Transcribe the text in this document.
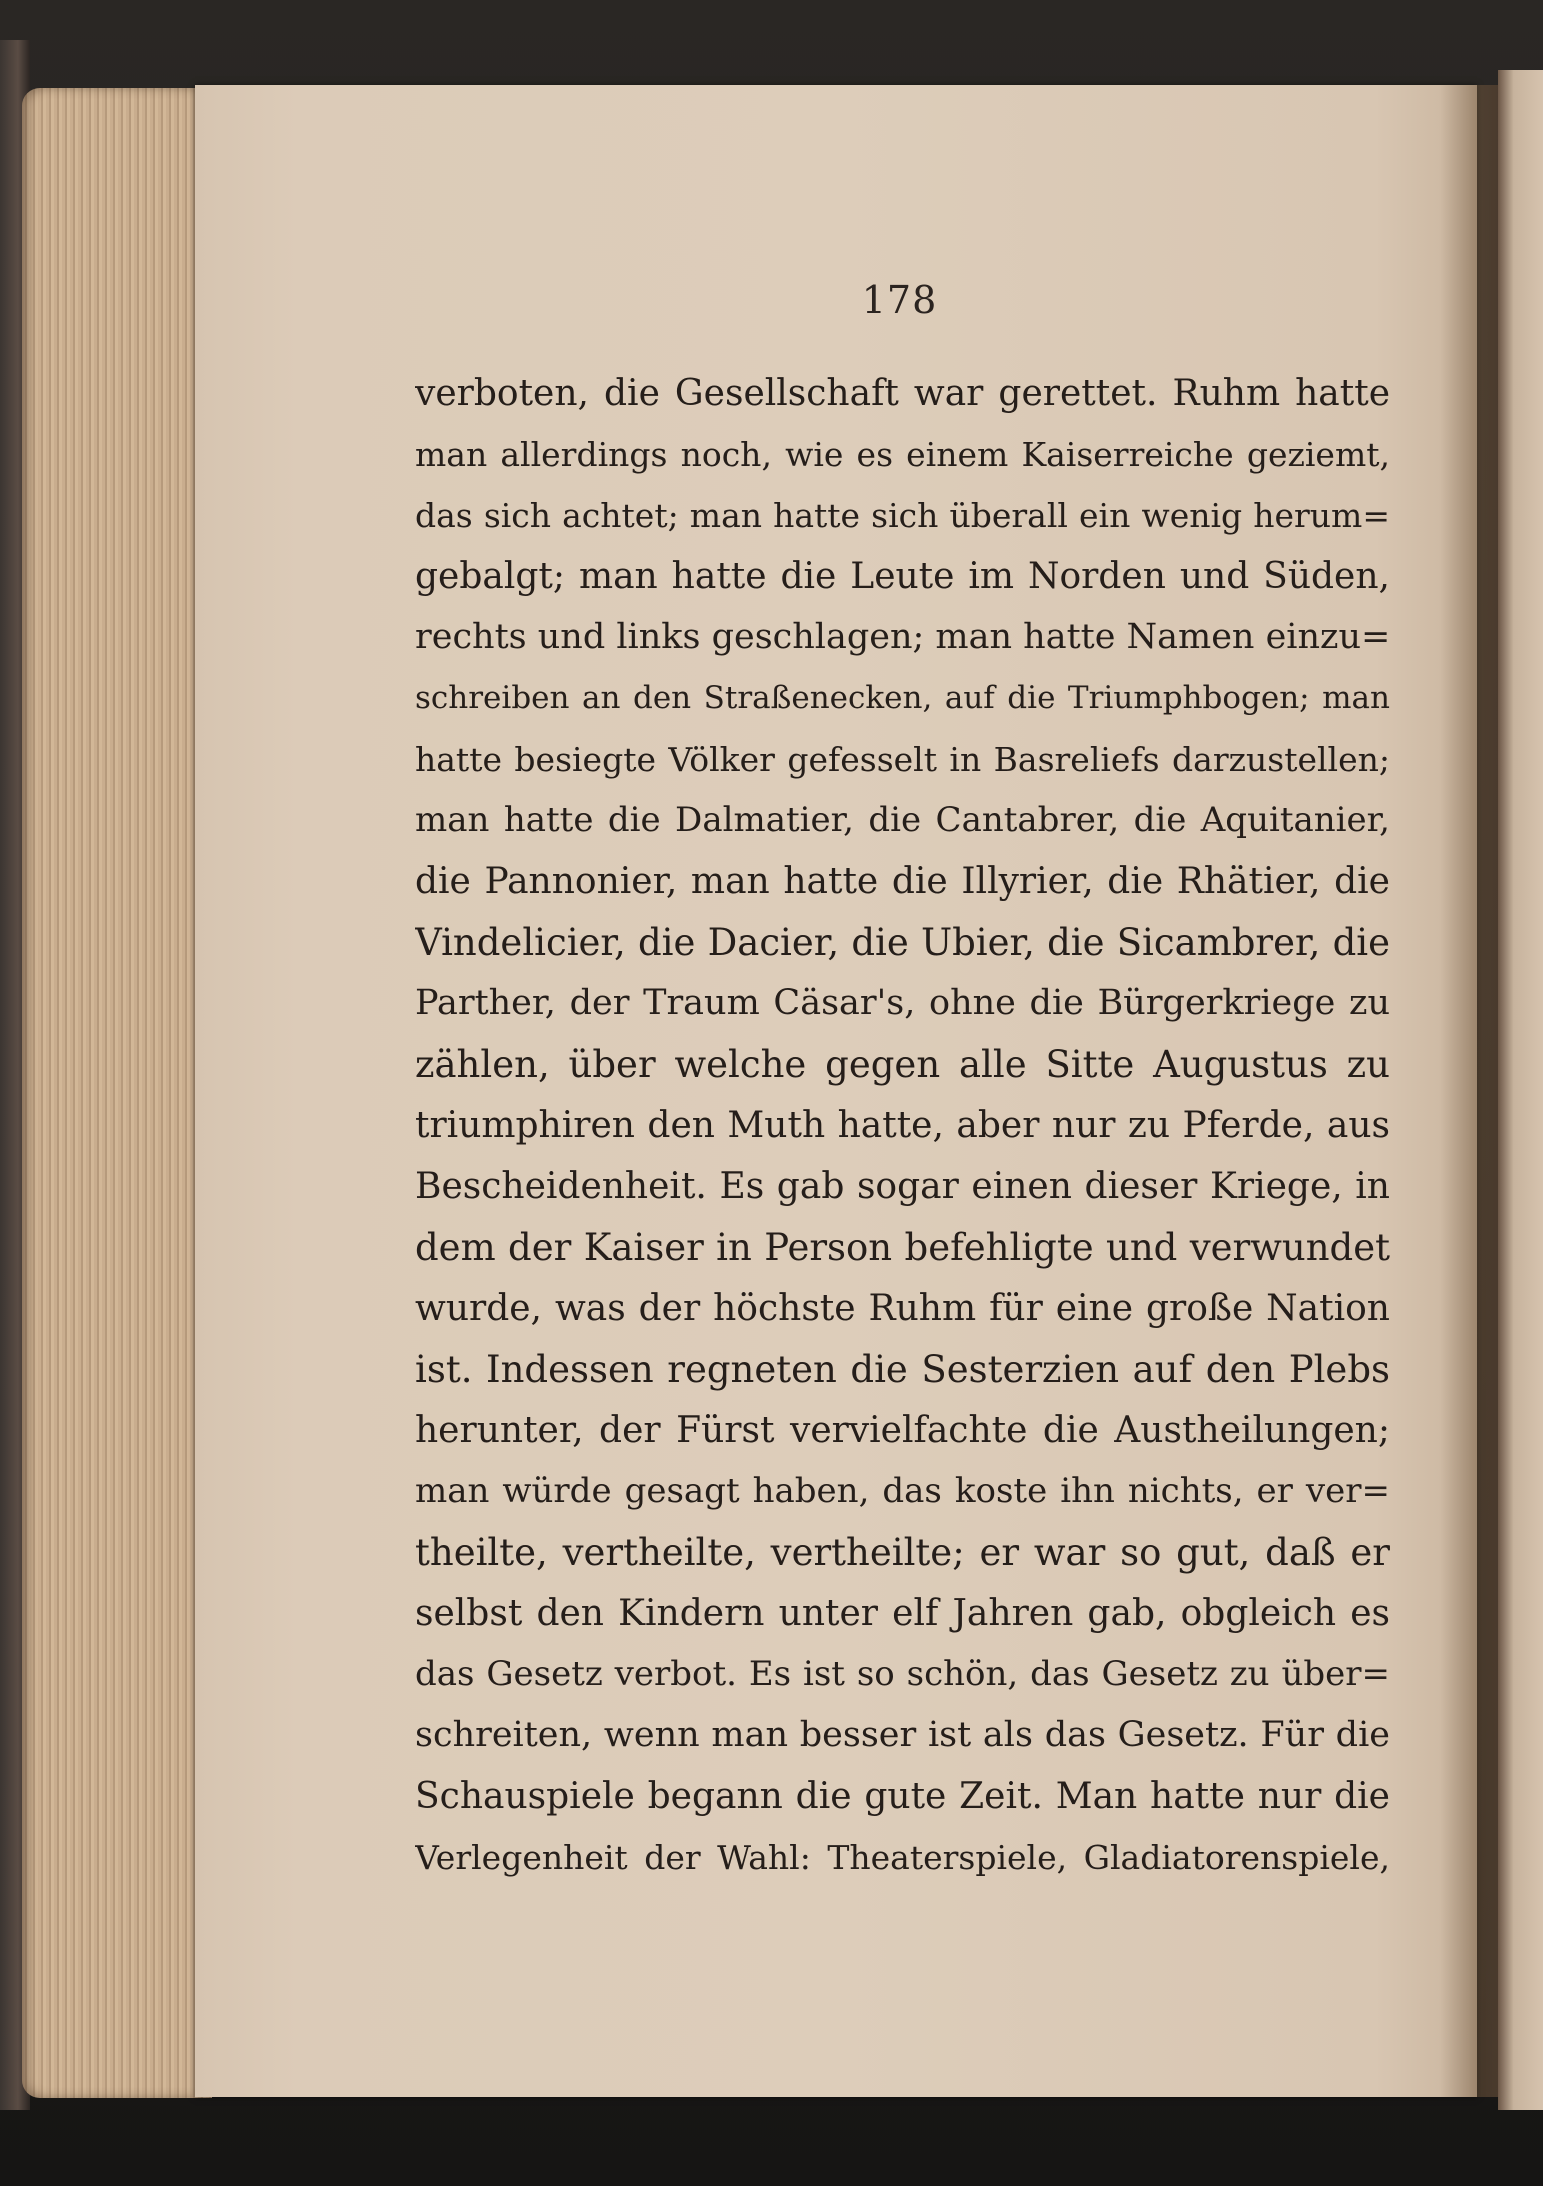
178
verboten, die Gesellschaft war gerettet. Ruhm hatte
man allerdings noch, wie es einem Kaiserreiche geziemt,
das sich achtet; man hatte sich überall ein wenig herum=
gebalgt; man hatte die Leute im Norden und Süden,
rechts und links geschlagen; man hatte Namen einzu=
schreiben an den Straßenecken, auf die Triumphbogen; man
hatte besiegte Völker gefesselt in Basreliefs darzustellen;
man hatte die Dalmatier, die Cantabrer, die Aquitanier,
die Pannonier, man hatte die Illyrier, die Rhätier, die
Vindelicier, die Dacier, die Ubier, die Sicambrer, die
Parther, der Traum Cäsar's, ohne die Bürgerkriege zu
zählen, über welche gegen alle Sitte Augustus zu
triumphiren den Muth hatte, aber nur zu Pferde, aus
Bescheidenheit. Es gab sogar einen dieser Kriege, in
dem der Kaiser in Person befehligte und verwundet
wurde, was der höchste Ruhm für eine große Nation
ist. Indessen regneten die Sesterzien auf den Plebs
herunter, der Fürst vervielfachte die Austheilungen;
man würde gesagt haben, das koste ihn nichts, er ver=
theilte, vertheilte, vertheilte; er war so gut, daß er
selbst den Kindern unter elf Jahren gab, obgleich es
das Gesetz verbot. Es ist so schön, das Gesetz zu über=
schreiten, wenn man besser ist als das Gesetz. Für die
Schauspiele begann die gute Zeit. Man hatte nur die
Verlegenheit der Wahl: Theaterspiele, Gladiatorenspiele,
